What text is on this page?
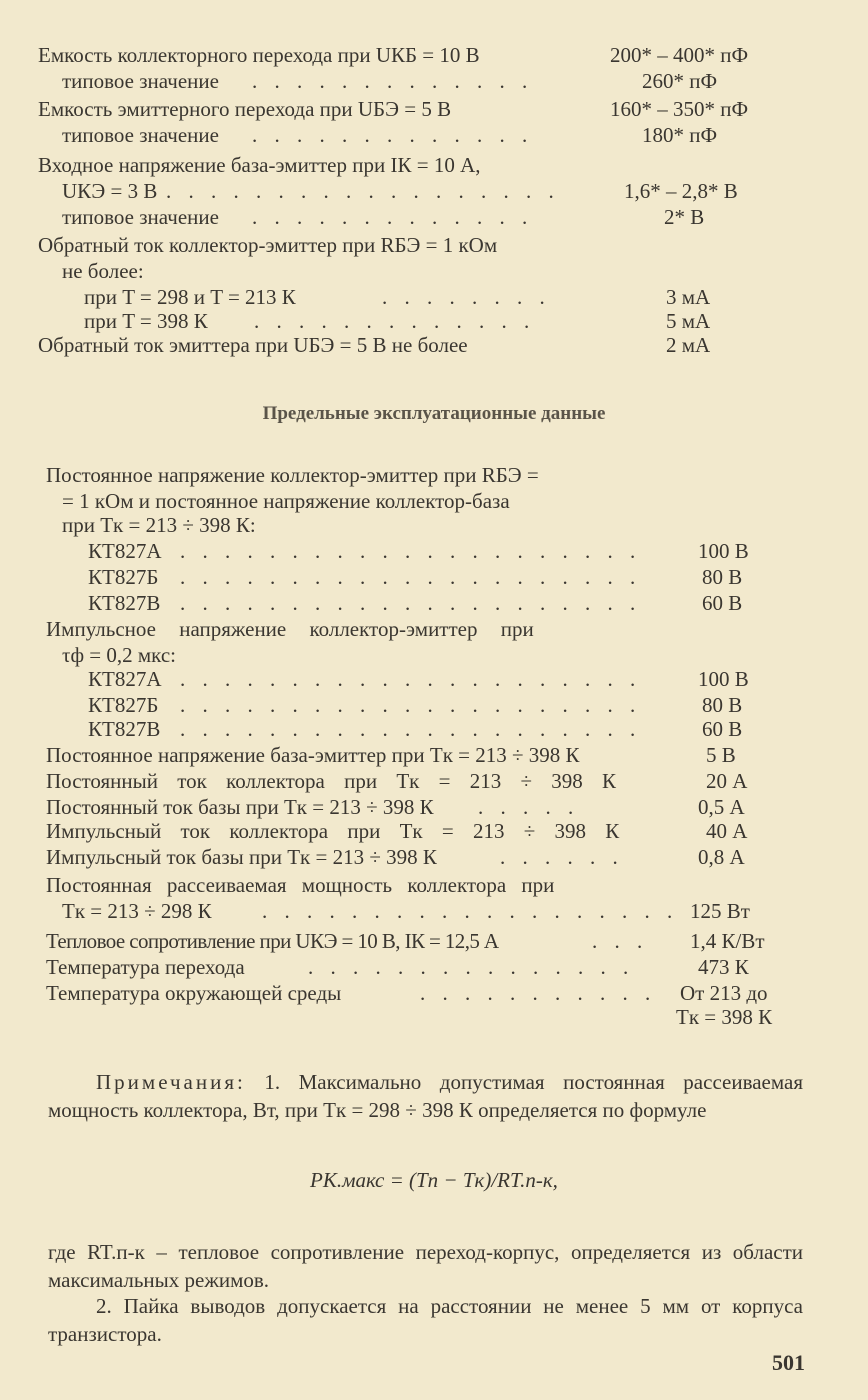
Емкость коллекторного перехода при UКБ = 10 В	200* – 400* пФ
типовое значение . . . . . . . . . . . . .	260* пФ
Емкость эмиттерного перехода при UБЭ = 5 В	160* – 350* пФ
типовое значение . . . . . . . . . . . . .	180* пФ
Входное напряжение база-эмиттер при IК = 10 А,
UКЭ = 3 В . . . . . . . . . . . . . . . . . .	1,6* – 2,8* В
типовое значение . . . . . . . . . . . . .	2* В
Обратный ток коллектор-эмиттер при RБЭ = 1 кОм
не более:
при T = 298 и T = 213 К	. . . . . . . .	3 мА
при T = 398 К . . . . . . . . . . . . .	5 мА
Обратный ток эмиттера при UБЭ = 5 В не более	2 мА
Предельные эксплуатационные данные
Постоянное напряжение коллектор-эмиттер при RБЭ =
= 1 кОм и постоянное напряжение коллектор-база
при Tк = 213 ÷ 398 К:
КТ827А . . . . . . . . . . . . . . . . . . . . .	100 В
КТ827Б . . . . . . . . . . . . . . . . . . . . .	80 В
КТ827В . . . . . . . . . . . . . . . . . . . . .	60 В
Импульсное напряжение коллектор-эмиттер при
τф = 0,2 мкс:
КТ827А . . . . . . . . . . . . . . . . . . . . .	100 В
КТ827Б . . . . . . . . . . . . . . . . . . . . .	80 В
КТ827В . . . . . . . . . . . . . . . . . . . . .	60 В
Постоянное напряжение база-эмиттер при Tк = 213 ÷ 398 К	5 В
Постоянный ток коллектора при Tк = 213 ÷ 398 К	20 А
Постоянный ток базы при Tк = 213 ÷ 398 К . . . . .	0,5 А
Импульсный ток коллектора при Tк = 213 ÷ 398 К	40 А
Импульсный ток базы при Tк = 213 ÷ 398 К	. . . . . .	0,8 А
Постоянная рассеиваемая мощность коллектора при
Tк = 213 ÷ 298 К . . . . . . . . . . . . . . . . . . . 125 Вт
Тепловое сопротивление при UКЭ = 10 В, IК = 12,5 А	. . . 1,4 К/Вт
Температура перехода	. . . . . . . . . . . . . . .	473 К
Температура окружающей среды	. . . . . . . . . . . От 213 до
Tк = 398 К
Примечания: 1. Максимально допустимая постоянная рассеиваемая мощность коллектора, Вт, при Tк = 298 ÷ 398 К определяется по формуле
PК.макс = (Tп − Tк)/RT.п-к,
где RT.п-к – тепловое сопротивление переход-корпус, определяется из области максимальных режимов.
2. Пайка выводов допускается на расстоянии не менее 5 мм от корпуса транзистора.
501
